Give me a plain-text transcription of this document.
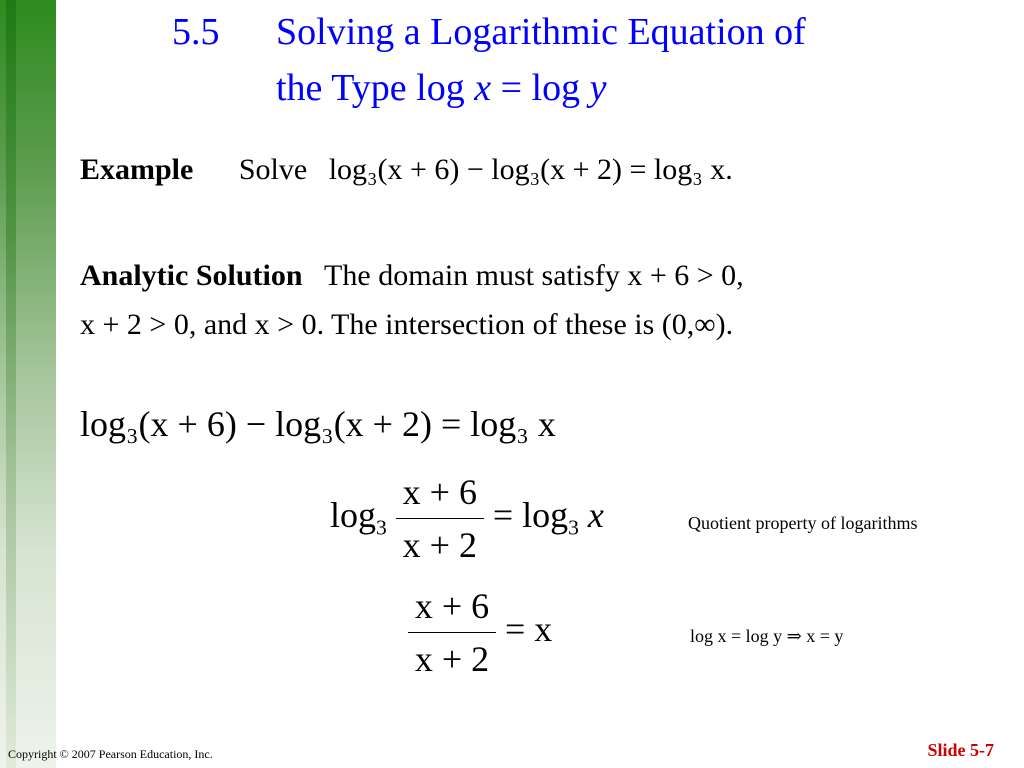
5.5 Solving a Logarithmic Equation of
the Type log x = log y
Example Solve log₃(x + 6) − log₃(x + 2) = log₃ x.
Analytic Solution The domain must satisfy x + 6 > 0,
x + 2 > 0, and x > 0. The intersection of these is (0,∞).
log₃(x + 6) − log₃(x + 2) = log₃ x
$\log_3 \frac{x + 6}{x + 2} = \log_3 x$	Quotient property of logarithms
$\frac{x + 6}{x + 2} = x$	log x = log y ⇒ x = y
Copyright © 2007 Pearson Education, Inc.	Slide 5-7
